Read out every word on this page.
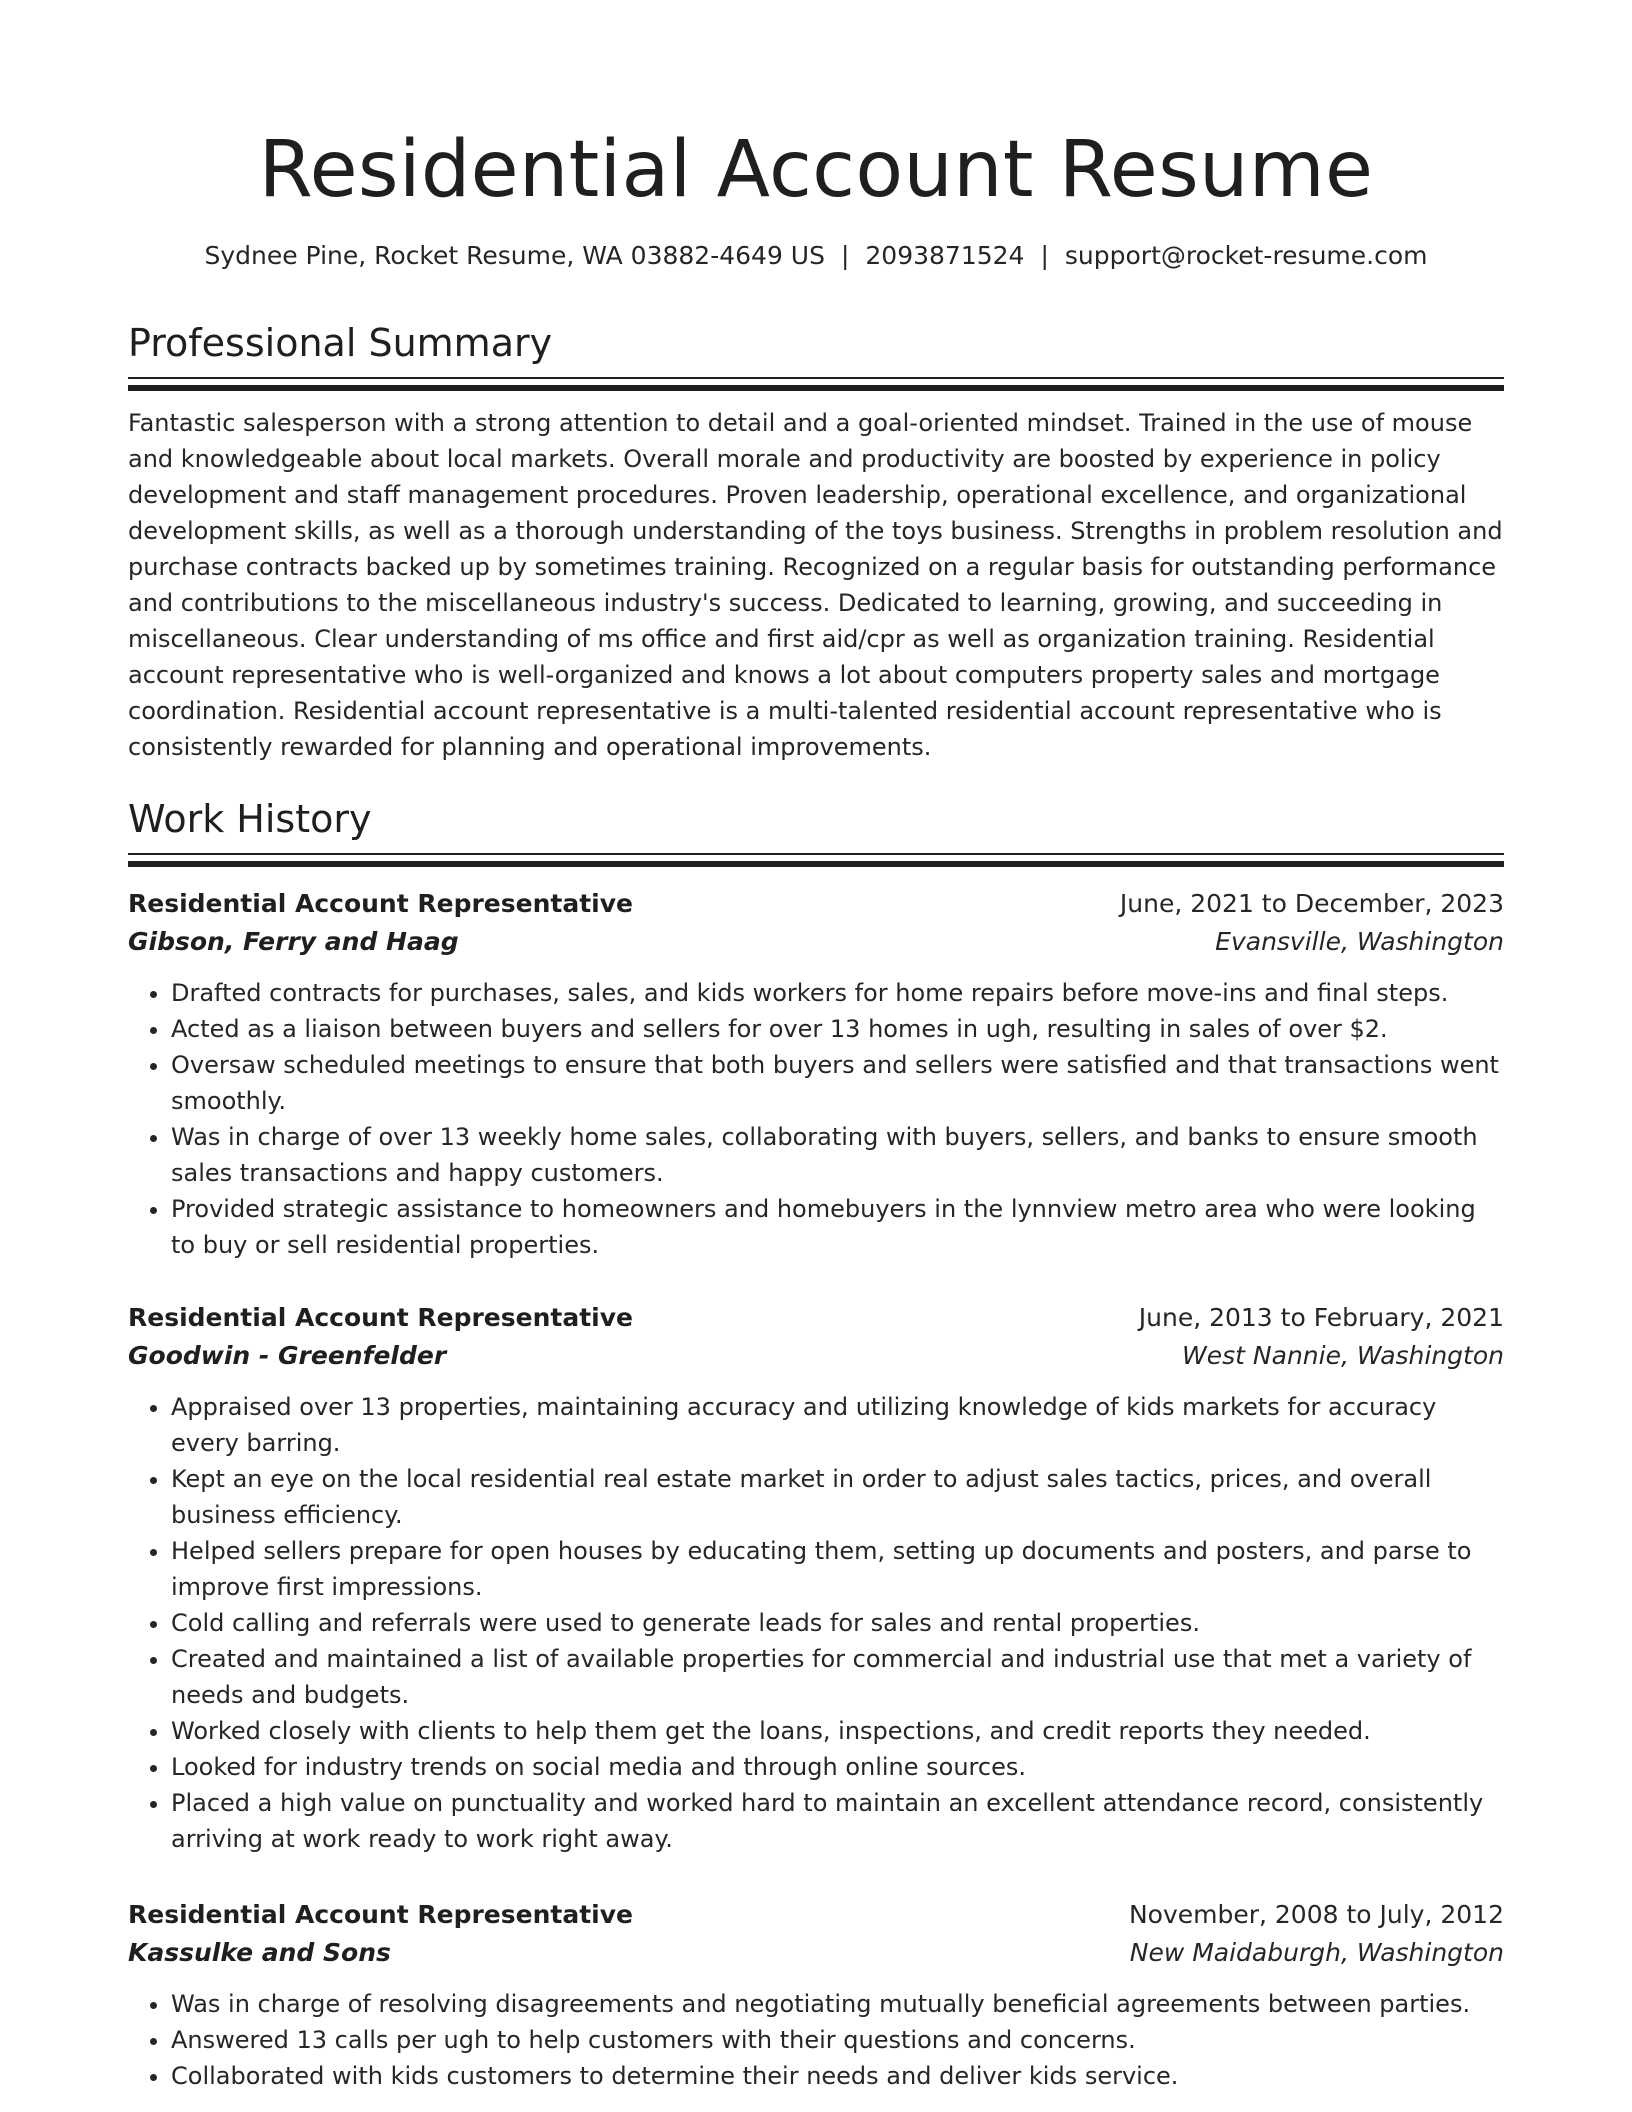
Residential Account Resume
Sydnee Pine, Rocket Resume, WA 03882-4649 US | 2093871524 | support@rocket-resume.com
Professional Summary

Fantastic salesperson with a strong attention to detail and a goal-oriented mindset. Trained in the use of mouse and knowledgeable about local markets. Overall morale and productivity are boosted by experience in policy development and staff management procedures. Proven leadership, operational excellence, and organizational development skills, as well as a thorough understanding of the toys business. Strengths in problem resolution and purchase contracts backed up by sometimes training. Recognized on a regular basis for outstanding performance and contributions to the miscellaneous industry's success. Dedicated to learning, growing, and succeeding in miscellaneous. Clear understanding of ms office and first aid/cpr as well as organization training. Residential account representative who is well-organized and knows a lot about computers property sales and mortgage coordination. Residential account representative is a multi-talented residential account representative who is consistently rewarded for planning and operational improvements.

Work History
Residential Account Representative	June, 2021 to December, 2023
Gibson, Ferry and Haag	Evansville, Washington
• Drafted contracts for purchases, sales, and kids workers for home repairs before move-ins and final steps.
• Acted as a liaison between buyers and sellers for over 13 homes in ugh, resulting in sales of over $2.
• Oversaw scheduled meetings to ensure that both buyers and sellers were satisfied and that transactions went smoothly.
• Was in charge of over 13 weekly home sales, collaborating with buyers, sellers, and banks to ensure smooth sales transactions and happy customers.
• Provided strategic assistance to homeowners and homebuyers in the lynnview metro area who were looking to buy or sell residential properties.
Residential Account Representative	June, 2013 to February, 2021
Goodwin - Greenfelder	West Nannie, Washington
• Appraised over 13 properties, maintaining accuracy and utilizing knowledge of kids markets for accuracy every barring.
• Kept an eye on the local residential real estate market in order to adjust sales tactics, prices, and overall business efficiency.
• Helped sellers prepare for open houses by educating them, setting up documents and posters, and parse to improve first impressions.
• Cold calling and referrals were used to generate leads for sales and rental properties.
• Created and maintained a list of available properties for commercial and industrial use that met a variety of needs and budgets.
• Worked closely with clients to help them get the loans, inspections, and credit reports they needed.
• Looked for industry trends on social media and through online sources.
• Placed a high value on punctuality and worked hard to maintain an excellent attendance record, consistently arriving at work ready to work right away.
Residential Account Representative	November, 2008 to July, 2012
Kassulke and Sons	New Maidaburgh, Washington
• Was in charge of resolving disagreements and negotiating mutually beneficial agreements between parties.
• Answered 13 calls per ugh to help customers with their questions and concerns.
• Collaborated with kids customers to determine their needs and deliver kids service.
